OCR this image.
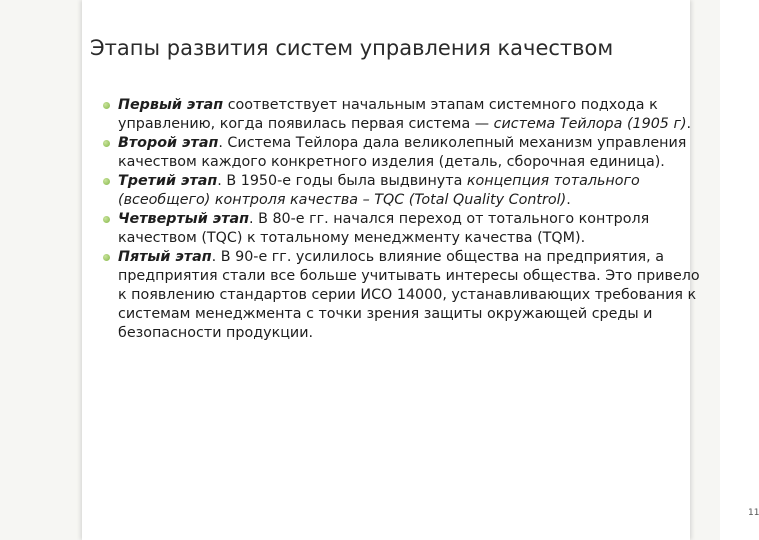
Этапы развития систем управления качеством
Первый этап соответствует начальным этапам системного подхода к управлению, когда появилась первая система — система Тейлора (1905 г).
Второй этап. Система Тейлора дала великолепный механизм управления качеством каждого конкретного изделия (деталь, сборочная единица).
Третий этап. В 1950-е годы была выдвинута концепция тотального (всеобщего) контроля качества – TQC (Total Quality Control).
Четвертый этап. В 80-е гг. начался переход от тотального контроля качеством (TQC) к тотальному менеджменту качества (TQM).
Пятый этап. В 90-е гг. усилилось влияние общества на предприятия, а предприятия стали все больше учитывать интересы общества. Это привело к появлению стандартов серии ИСО 14000, устанавливающих требования к системам менеджмента с точки зрения защиты окружающей среды и безопасности продукции.
11
